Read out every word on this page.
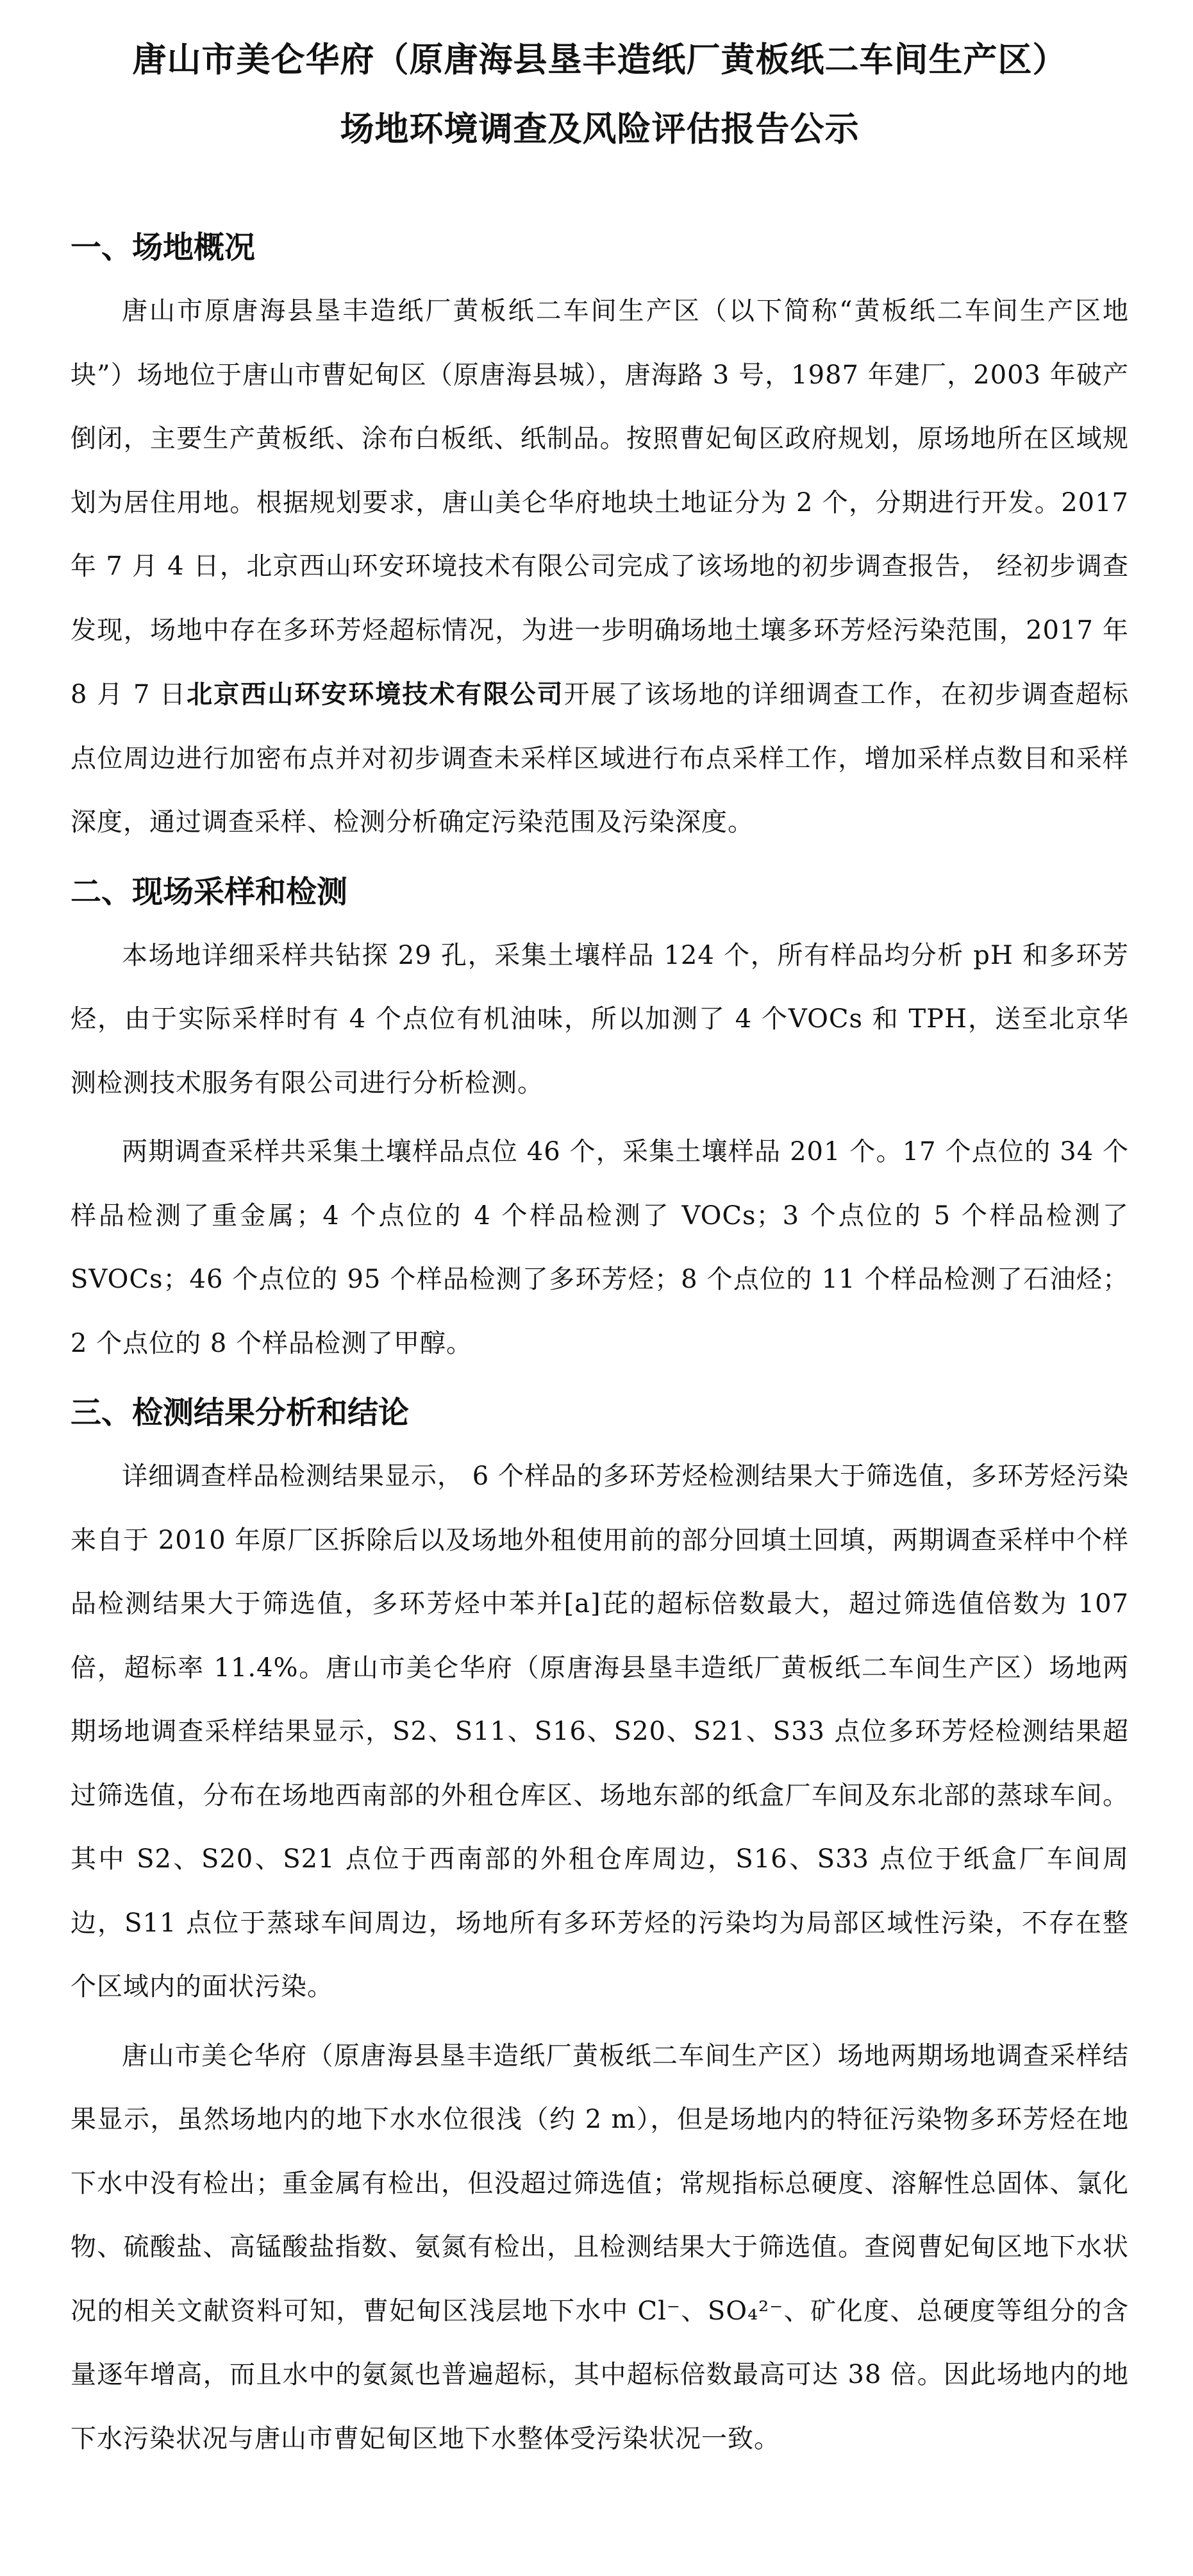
唐山市美仑华府（原唐海县垦丰造纸厂黄板纸二车间生产区）
场地环境调查及风险评估报告公示
一、场地概况

唐山市原唐海县垦丰造纸厂黄板纸二车间生产区（以下简称“黄板纸二车间生产区地块”）场地位于唐山市曹妃甸区（原唐海县城），唐海路 3 号，1987 年建厂，2003 年破产倒闭，主要生产黄板纸、涂布白板纸、纸制品。按照曹妃甸区政府规划，原场地所在区域规划为居住用地。根据规划要求，唐山美仑华府地块土地证分为 2 个，分期进行开发。2017 年 7 月 4 日，北京西山环安环境技术有限公司完成了该场地的初步调查报告， 经初步调查发现，场地中存在多环芳烃超标情况，为进一步明确场地土壤多环芳烃污染范围，2017 年 8 月 7 日北京西山环安环境技术有限公司开展了该场地的详细调查工作，在初步调查超标点位周边进行加密布点并对初步调查未采样区域进行布点采样工作，增加采样点数目和采样深度，通过调查采样、检测分析确定污染范围及污染深度。

二、现场采样和检测

本场地详细采样共钻探 29 孔，采集土壤样品 124 个，所有样品均分析 pH 和多环芳烃，由于实际采样时有 4 个点位有机油味，所以加测了 4 个VOCs 和 TPH，送至北京华测检测技术服务有限公司进行分析检测。

两期调查采样共采集土壤样品点位 46 个，采集土壤样品 201 个。17 个点位的 34 个样品检测了重金属；4 个点位的 4 个样品检测了 VOCs；3 个点位的 5 个样品检测了 SVOCs；46 个点位的 95 个样品检测了多环芳烃；8 个点位的 11 个样品检测了石油烃；2 个点位的 8 个样品检测了甲醇。

三、检测结果分析和结论

详细调查样品检测结果显示， 6 个样品的多环芳烃检测结果大于筛选值，多环芳烃污染来自于 2010 年原厂区拆除后以及场地外租使用前的部分回填土回填，两期调查采样中个样品检测结果大于筛选值，多环芳烃中苯并[a]芘的超标倍数最大，超过筛选值倍数为 107 倍，超标率 11.4%。唐山市美仑华府（原唐海县垦丰造纸厂黄板纸二车间生产区）场地两期场地调查采样结果显示，S2、S11、S16、S20、S21、S33 点位多环芳烃检测结果超过筛选值，分布在场地西南部的外租仓库区、场地东部的纸盒厂车间及东北部的蒸球车间。其中 S2、S20、S21 点位于西南部的外租仓库周边，S16、S33 点位于纸盒厂车间周边，S11 点位于蒸球车间周边，场地所有多环芳烃的污染均为局部区域性污染，不存在整个区域内的面状污染。

唐山市美仑华府（原唐海县垦丰造纸厂黄板纸二车间生产区）场地两期场地调查采样结果显示，虽然场地内的地下水水位很浅（约 2 m），但是场地内的特征污染物多环芳烃在地下水中没有检出；重金属有检出，但没超过筛选值；常规指标总硬度、溶解性总固体、氯化物、硫酸盐、高锰酸盐指数、氨氮有检出，且检测结果大于筛选值。查阅曹妃甸区地下水状况的相关文献资料可知，曹妃甸区浅层地下水中 Cl⁻、SO₄²⁻、矿化度、总硬度等组分的含量逐年增高，而且水中的氨氮也普遍超标，其中超标倍数最高可达 38 倍。因此场地内的地下水污染状况与唐山市曹妃甸区地下水整体受污染状况一致。
